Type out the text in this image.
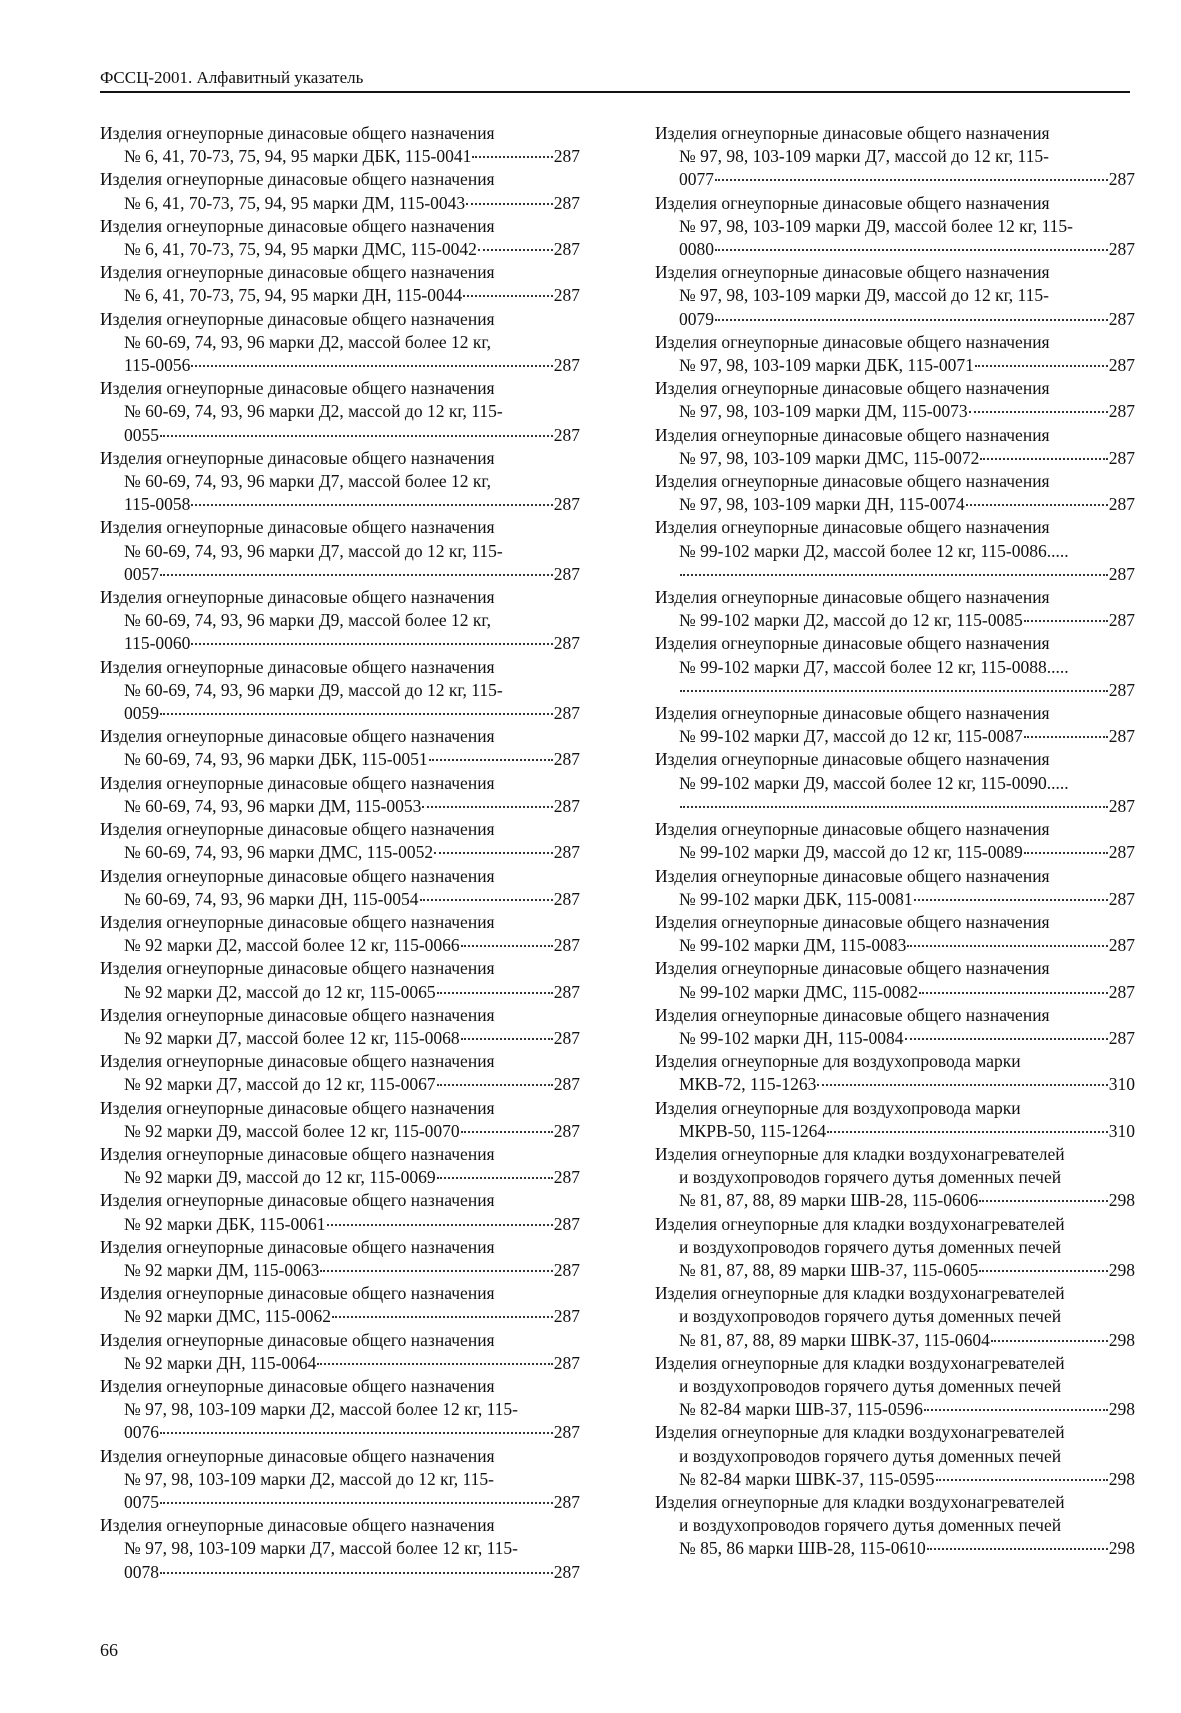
ФССЦ-2001. Алфавитный указатель
Изделия огнеупорные динасовые общего назначения
№ 6, 41, 70-73, 75, 94, 95 марки ДБК, 115-0041	287
Изделия огнеупорные динасовые общего назначения
№ 6, 41, 70-73, 75, 94, 95 марки ДМ, 115-0043	287
Изделия огнеупорные динасовые общего назначения
№ 6, 41, 70-73, 75, 94, 95 марки ДМС, 115-0042	287
Изделия огнеупорные динасовые общего назначения
№ 6, 41, 70-73, 75, 94, 95 марки ДН, 115-0044	287
Изделия огнеупорные динасовые общего назначения
№ 60-69, 74, 93, 96 марки Д2, массой более 12 кг,
115-0056	287
Изделия огнеупорные динасовые общего назначения
№ 60-69, 74, 93, 96 марки Д2, массой до 12 кг, 115-
0055	287
Изделия огнеупорные динасовые общего назначения
№ 60-69, 74, 93, 96 марки Д7, массой более 12 кг,
115-0058	287
Изделия огнеупорные динасовые общего назначения
№ 60-69, 74, 93, 96 марки Д7, массой до 12 кг, 115-
0057	287
Изделия огнеупорные динасовые общего назначения
№ 60-69, 74, 93, 96 марки Д9, массой более 12 кг,
115-0060	287
Изделия огнеупорные динасовые общего назначения
№ 60-69, 74, 93, 96 марки Д9, массой до 12 кг, 115-
0059	287
Изделия огнеупорные динасовые общего назначения
№ 60-69, 74, 93, 96 марки ДБК, 115-0051	287
Изделия огнеупорные динасовые общего назначения
№ 60-69, 74, 93, 96 марки ДМ, 115-0053	287
Изделия огнеупорные динасовые общего назначения
№ 60-69, 74, 93, 96 марки ДМС, 115-0052	287
Изделия огнеупорные динасовые общего назначения
№ 60-69, 74, 93, 96 марки ДН, 115-0054	287
Изделия огнеупорные динасовые общего назначения
№ 92 марки Д2, массой более 12 кг, 115-0066	287
Изделия огнеупорные динасовые общего назначения
№ 92 марки Д2, массой до 12 кг, 115-0065	287
Изделия огнеупорные динасовые общего назначения
№ 92 марки Д7, массой более 12 кг, 115-0068	287
Изделия огнеупорные динасовые общего назначения
№ 92 марки Д7, массой до 12 кг, 115-0067	287
Изделия огнеупорные динасовые общего назначения
№ 92 марки Д9, массой более 12 кг, 115-0070	287
Изделия огнеупорные динасовые общего назначения
№ 92 марки Д9, массой до 12 кг, 115-0069	287
Изделия огнеупорные динасовые общего назначения
№ 92 марки ДБК, 115-0061	287
Изделия огнеупорные динасовые общего назначения
№ 92 марки ДМ, 115-0063	287
Изделия огнеупорные динасовые общего назначения
№ 92 марки ДМС, 115-0062	287
Изделия огнеупорные динасовые общего назначения
№ 92 марки ДН, 115-0064	287
Изделия огнеупорные динасовые общего назначения
№ 97, 98, 103-109 марки Д2, массой более 12 кг, 115-
0076	287
Изделия огнеупорные динасовые общего назначения
№ 97, 98, 103-109 марки Д2, массой до 12 кг, 115-
0075	287
Изделия огнеупорные динасовые общего назначения
№ 97, 98, 103-109 марки Д7, массой более 12 кг, 115-
0078	287
Изделия огнеупорные динасовые общего назначения
№ 97, 98, 103-109 марки Д7, массой до 12 кг, 115-
0077	287
Изделия огнеупорные динасовые общего назначения
№ 97, 98, 103-109 марки Д9, массой более 12 кг, 115-
0080	287
Изделия огнеупорные динасовые общего назначения
№ 97, 98, 103-109 марки Д9, массой до 12 кг, 115-
0079	287
Изделия огнеупорные динасовые общего назначения
№ 97, 98, 103-109 марки ДБК, 115-0071	287
Изделия огнеупорные динасовые общего назначения
№ 97, 98, 103-109 марки ДМ, 115-0073	287
Изделия огнеупорные динасовые общего назначения
№ 97, 98, 103-109 марки ДМС, 115-0072	287
Изделия огнеупорные динасовые общего назначения
№ 97, 98, 103-109 марки ДН, 115-0074	287
Изделия огнеупорные динасовые общего назначения
№ 99-102 марки Д2, массой более 12 кг, 115-0086.....
287
Изделия огнеупорные динасовые общего назначения
№ 99-102 марки Д2, массой до 12 кг, 115-0085	287
Изделия огнеупорные динасовые общего назначения
№ 99-102 марки Д7, массой более 12 кг, 115-0088.....
287
Изделия огнеупорные динасовые общего назначения
№ 99-102 марки Д7, массой до 12 кг, 115-0087	287
Изделия огнеупорные динасовые общего назначения
№ 99-102 марки Д9, массой более 12 кг, 115-0090.....
287
Изделия огнеупорные динасовые общего назначения
№ 99-102 марки Д9, массой до 12 кг, 115-0089	287
Изделия огнеупорные динасовые общего назначения
№ 99-102 марки ДБК, 115-0081	287
Изделия огнеупорные динасовые общего назначения
№ 99-102 марки ДМ, 115-0083	287
Изделия огнеупорные динасовые общего назначения
№ 99-102 марки ДМС, 115-0082	287
Изделия огнеупорные динасовые общего назначения
№ 99-102 марки ДН, 115-0084	287
Изделия огнеупорные для воздухопровода марки
МКВ-72, 115-1263	310
Изделия огнеупорные для воздухопровода марки
МКРВ-50, 115-1264	310
Изделия огнеупорные для кладки воздухонагревателей
и воздухопроводов горячего дутья доменных печей
№ 81, 87, 88, 89 марки ШВ-28, 115-0606	298
Изделия огнеупорные для кладки воздухонагревателей
и воздухопроводов горячего дутья доменных печей
№ 81, 87, 88, 89 марки ШВ-37, 115-0605	298
Изделия огнеупорные для кладки воздухонагревателей
и воздухопроводов горячего дутья доменных печей
№ 81, 87, 88, 89 марки ШВК-37, 115-0604	298
Изделия огнеупорные для кладки воздухонагревателей
и воздухопроводов горячего дутья доменных печей
№ 82-84 марки ШВ-37, 115-0596	298
Изделия огнеупорные для кладки воздухонагревателей
и воздухопроводов горячего дутья доменных печей
№ 82-84 марки ШВК-37, 115-0595	298
Изделия огнеупорные для кладки воздухонагревателей
и воздухопроводов горячего дутья доменных печей
№ 85, 86 марки ШВ-28, 115-0610	298
66
